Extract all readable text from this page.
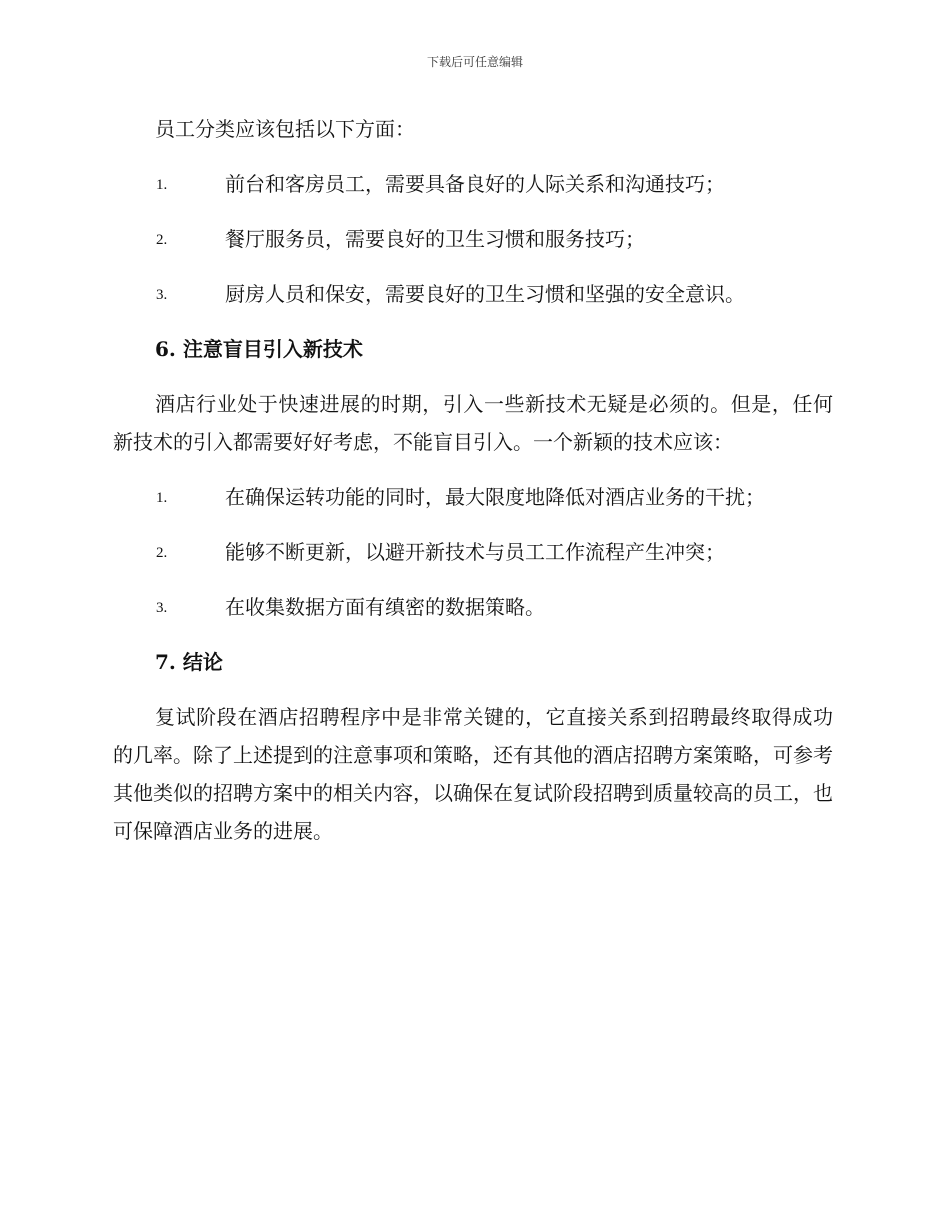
下载后可任意编辑

员工分类应该包括以下方面：

1.	前台和客房员工，需要具备良好的人际关系和沟通技巧；
2.	餐厅服务员，需要良好的卫生习惯和服务技巧；
3.	厨房人员和保安，需要良好的卫生习惯和坚强的安全意识。
6. 注意盲目引入新技术

酒店行业处于快速进展的时期，引入一些新技术无疑是必须的。但是，任何新技术的引入都需要好好考虑，不能盲目引入。一个新颖的技术应该：

1.	在确保运转功能的同时，最大限度地降低对酒店业务的干扰；
2.	能够不断更新，以避开新技术与员工工作流程产生冲突；
3.	在收集数据方面有缜密的数据策略。
7. 结论

复试阶段在酒店招聘程序中是非常关键的，它直接关系到招聘最终取得成功的几率。除了上述提到的注意事项和策略，还有其他的酒店招聘方案策略，可参考其他类似的招聘方案中的相关内容，以确保在复试阶段招聘到质量较高的员工，也可保障酒店业务的进展。
